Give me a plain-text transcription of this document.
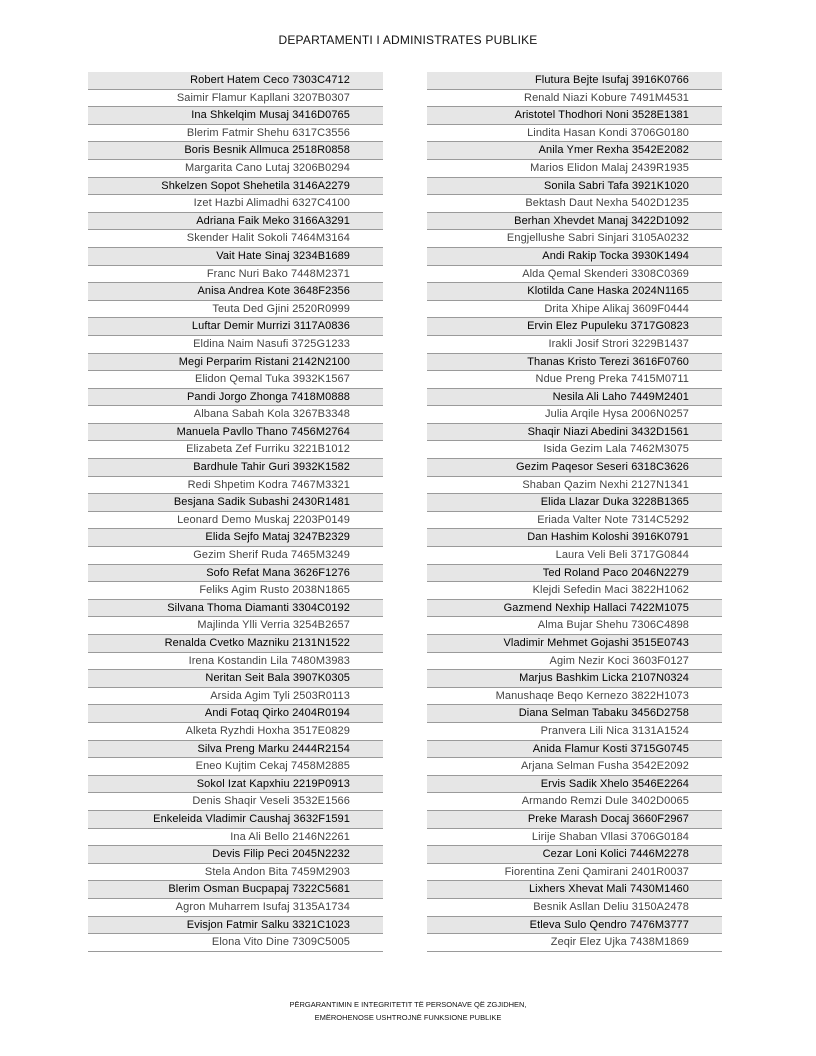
DEPARTAMENTI I ADMINISTRATES PUBLIKE
Robert Hatem Ceco 7303C4712
Saimir Flamur Kapllani 3207B0307
Ina Shkelqim Musaj 3416D0765
Blerim Fatmir Shehu 6317C3556
Boris Besnik Allmuca 2518R0858
Margarita Cano Lutaj 3206B0294
Shkelzen Sopot Shehetila 3146A2279
Izet Hazbi Alimadhi 6327C4100
Adriana Faik Meko 3166A3291
Skender Halit Sokoli 7464M3164
Vait Hate Sinaj 3234B1689
Franc Nuri Bako 7448M2371
Anisa Andrea Kote 3648F2356
Teuta Ded Gjini 2520R0999
Luftar Demir Murrizi 3117A0836
Eldina Naim Nasufi 3725G1233
Megi Perparim Ristani 2142N2100
Elidon Qemal Tuka 3932K1567
Pandi Jorgo Zhonga 7418M0888
Albana Sabah Kola 3267B3348
Manuela Pavllo Thano 7456M2764
Elizabeta Zef Furriku 3221B1012
Bardhule Tahir Guri 3932K1582
Redi Shpetim Kodra 7467M3321
Besjana Sadik Subashi 2430R1481
Leonard Demo Muskaj 2203P0149
Elida Sejfo Mataj 3247B2329
Gezim Sherif Ruda 7465M3249
Sofo Refat Mana 3626F1276
Feliks Agim Rusto 2038N1865
Silvana Thoma Diamanti 3304C0192
Majlinda Ylli Verria 3254B2657
Renalda Cvetko Mazniku 2131N1522
Irena Kostandin Lila 7480M3983
Neritan Seit Bala 3907K0305
Arsida Agim Tyli 2503R0113
Andi Fotaq Qirko 2404R0194
Alketa Ryzhdi Hoxha 3517E0829
Silva Preng Marku 2444R2154
Eneo Kujtim Cekaj 7458M2885
Sokol Izat Kapxhiu 2219P0913
Denis Shaqir Veseli 3532E1566
Enkeleida Vladimir Caushaj 3632F1591
Ina Ali Bello 2146N2261
Devis Filip Peci 2045N2232
Stela Andon Bita 7459M2903
Blerim Osman Bucpapaj 7322C5681
Agron Muharrem Isufaj 3135A1734
Evisjon Fatmir Salku 3321C1023
Elona Vito Dine 7309C5005
Flutura Bejte Isufaj 3916K0766
Renald Niazi Kobure 7491M4531
Aristotel Thodhori Noni 3528E1381
Lindita Hasan Kondi 3706G0180
Anila Ymer Rexha 3542E2082
Marios Elidon Malaj 2439R1935
Sonila Sabri Tafa 3921K1020
Bektash Daut Nexha 5402D1235
Berhan Xhevdet Manaj 3422D1092
Engjellushe Sabri Sinjari 3105A0232
Andi Rakip Tocka 3930K1494
Alda Qemal Skenderi 3308C0369
Klotilda Cane Haska 2024N1165
Drita Xhipe Alikaj 3609F0444
Ervin Elez Pupuleku 3717G0823
Irakli Josif Strori 3229B1437
Thanas Kristo Terezi 3616F0760
Ndue Preng Preka 7415M0711
Nesila Ali Laho 7449M2401
Julia Arqile Hysa 2006N0257
Shaqir Niazi Abedini 3432D1561
Isida Gezim Lala 7462M3075
Gezim Paqesor Seseri 6318C3626
Shaban Qazim Nexhi 2127N1341
Elida Llazar Duka 3228B1365
Eriada Valter Note 7314C5292
Dan Hashim Koloshi 3916K0791
Laura Veli Beli 3717G0844
Ted Roland Paco 2046N2279
Klejdi Sefedin Maci 3822H1062
Gazmend Nexhip Hallaci 7422M1075
Alma Bujar Shehu 7306C4898
Vladimir Mehmet Gojashi 3515E0743
Agim Nezir Koci 3603F0127
Marjus Bashkim Licka 2107N0324
Manushaqe Beqo Kernezo 3822H1073
Diana Selman Tabaku 3456D2758
Pranvera Lili Nica 3131A1524
Anida Flamur Kosti 3715G0745
Arjana Selman Fusha 3542E2092
Ervis Sadik Xhelo 3546E2264
Armando Remzi Dule 3402D0065
Preke Marash Docaj 3660F2967
Lirije Shaban Vllasi 3706G0184
Cezar Loni Kolici 7446M2278
Fiorentina Zeni Qamirani 2401R0037
Lixhers Xhevat Mali 7430M1460
Besnik Asllan Deliu 3150A2478
Etleva Sulo Qendro 7476M3777
Zeqir Elez Ujka 7438M1869
PËRGARANTIMIN E INTEGRITETIT TË PERSONAVE QË ZGJIDHEN,
EMËROHENOSE USHTROJNË FUNKSIONE PUBLIKE
